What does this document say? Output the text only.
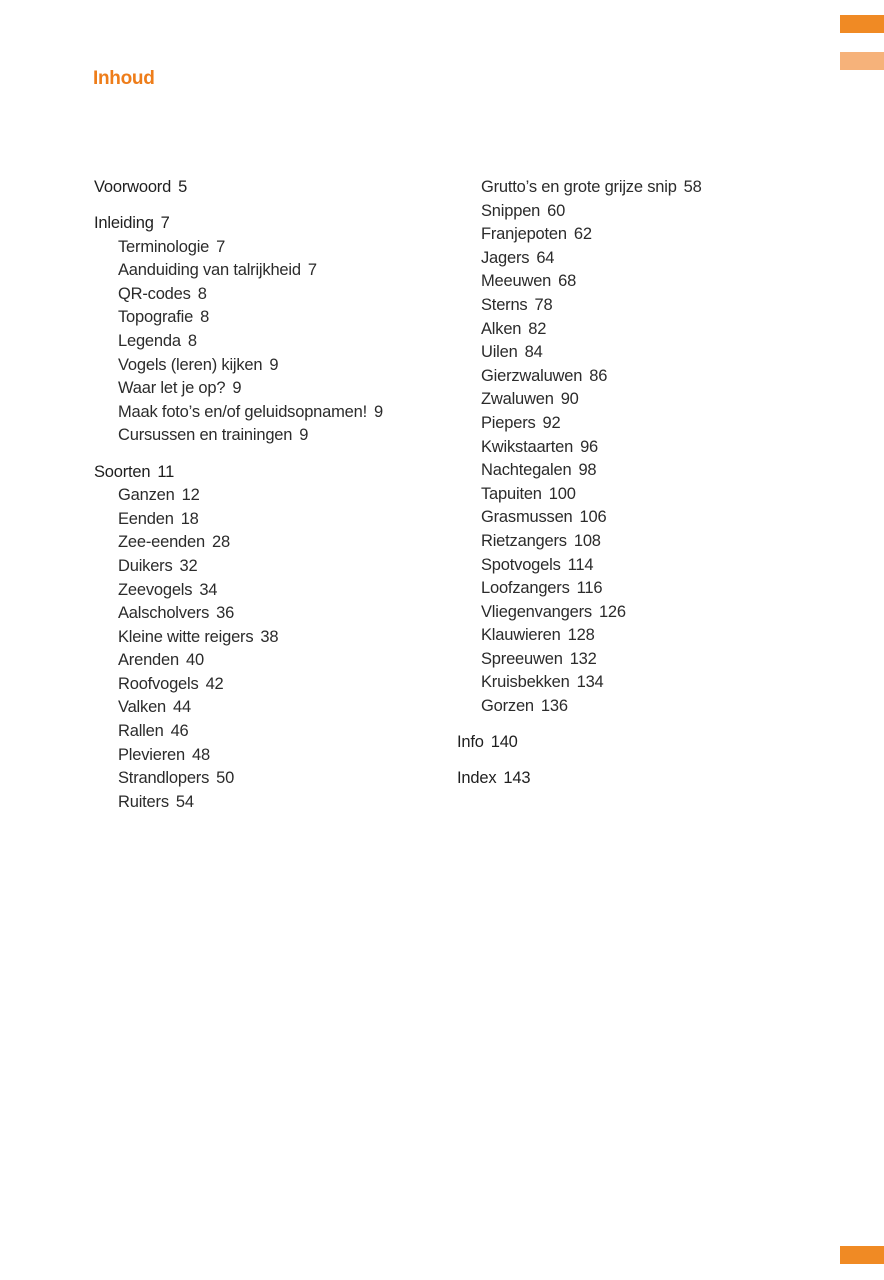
Inhoud
Voorwoord 5
Inleiding 7
Terminologie 7
Aanduiding van talrijkheid 7
QR-codes 8
Topografie 8
Legenda 8
Vogels (leren) kijken 9
Waar let je op? 9
Maak foto’s en/of geluidsopnamen! 9
Cursussen en trainingen 9
Soorten 11
Ganzen 12
Eenden 18
Zee-eenden 28
Duikers 32
Zeevogels 34
Aalscholvers 36
Kleine witte reigers 38
Arenden 40
Roofvogels 42
Valken 44
Rallen 46
Plevieren 48
Strandlopers 50
Ruiters 54
Grutto’s en grote grijze snip 58
Snippen 60
Franjepoten 62
Jagers 64
Meeuwen 68
Sterns 78
Alken 82
Uilen 84
Gierzwaluwen 86
Zwaluwen 90
Piepers 92
Kwikstaarten 96
Nachtegalen 98
Tapuiten 100
Grasmussen 106
Rietzangers 108
Spotvogels 114
Loofzangers 116
Vliegenvangers 126
Klauwieren 128
Spreeuwen 132
Kruisbekken 134
Gorzen 136
Info 140
Index 143
